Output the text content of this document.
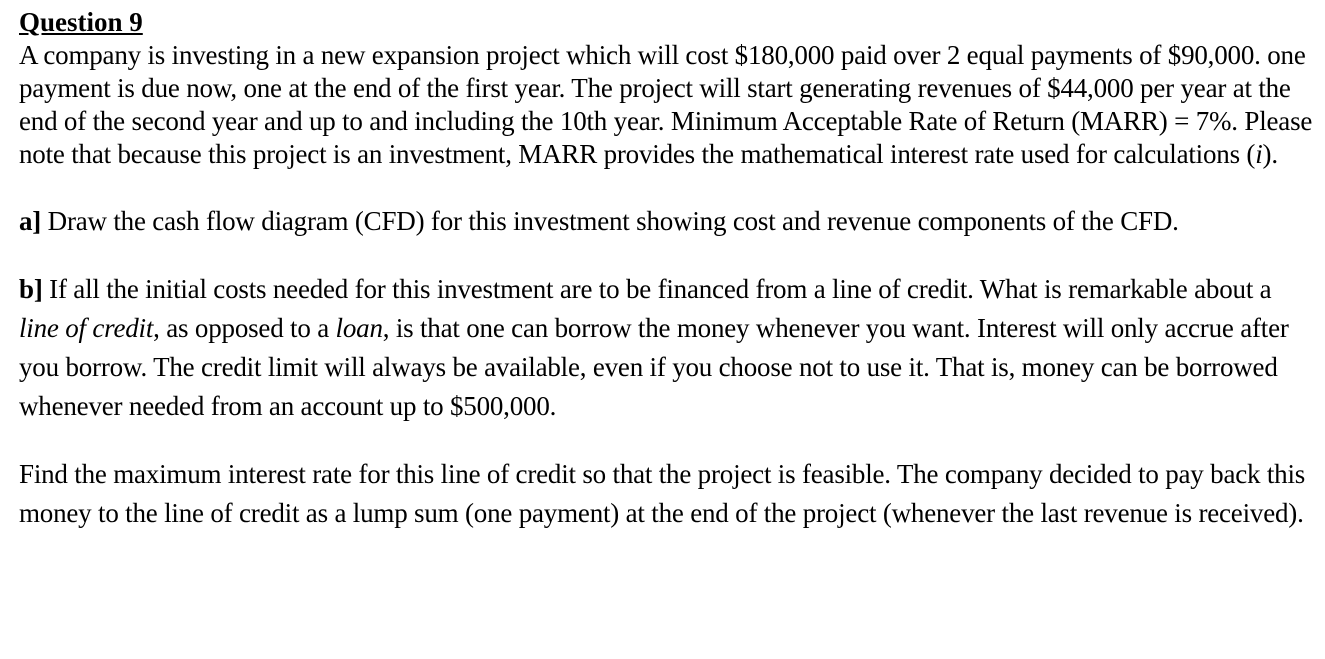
Question 9

A company is investing in a new expansion project which will cost $180,000 paid over 2 equal payments of $90,000. one payment is due now, one at the end of the first year. The project will start generating revenues of $44,000 per year at the end of the second year and up to and including the 10th year. Minimum Acceptable Rate of Return (MARR) = 7%. Please note that because this project is an investment, MARR provides the mathematical interest rate used for calculations (i).

a] Draw the cash flow diagram (CFD) for this investment showing cost and revenue components of the CFD.

b] If all the initial costs needed for this investment are to be financed from a line of credit. What is remarkable about a line of credit, as opposed to a loan, is that one can borrow the money whenever you want. Interest will only accrue after you borrow. The credit limit will always be available, even if you choose not to use it. That is, money can be borrowed whenever needed from an account up to $500,000.

Find the maximum interest rate for this line of credit so that the project is feasible. The company decided to pay back this money to the line of credit as a lump sum (one payment) at the end of the project (whenever the last revenue is received).
